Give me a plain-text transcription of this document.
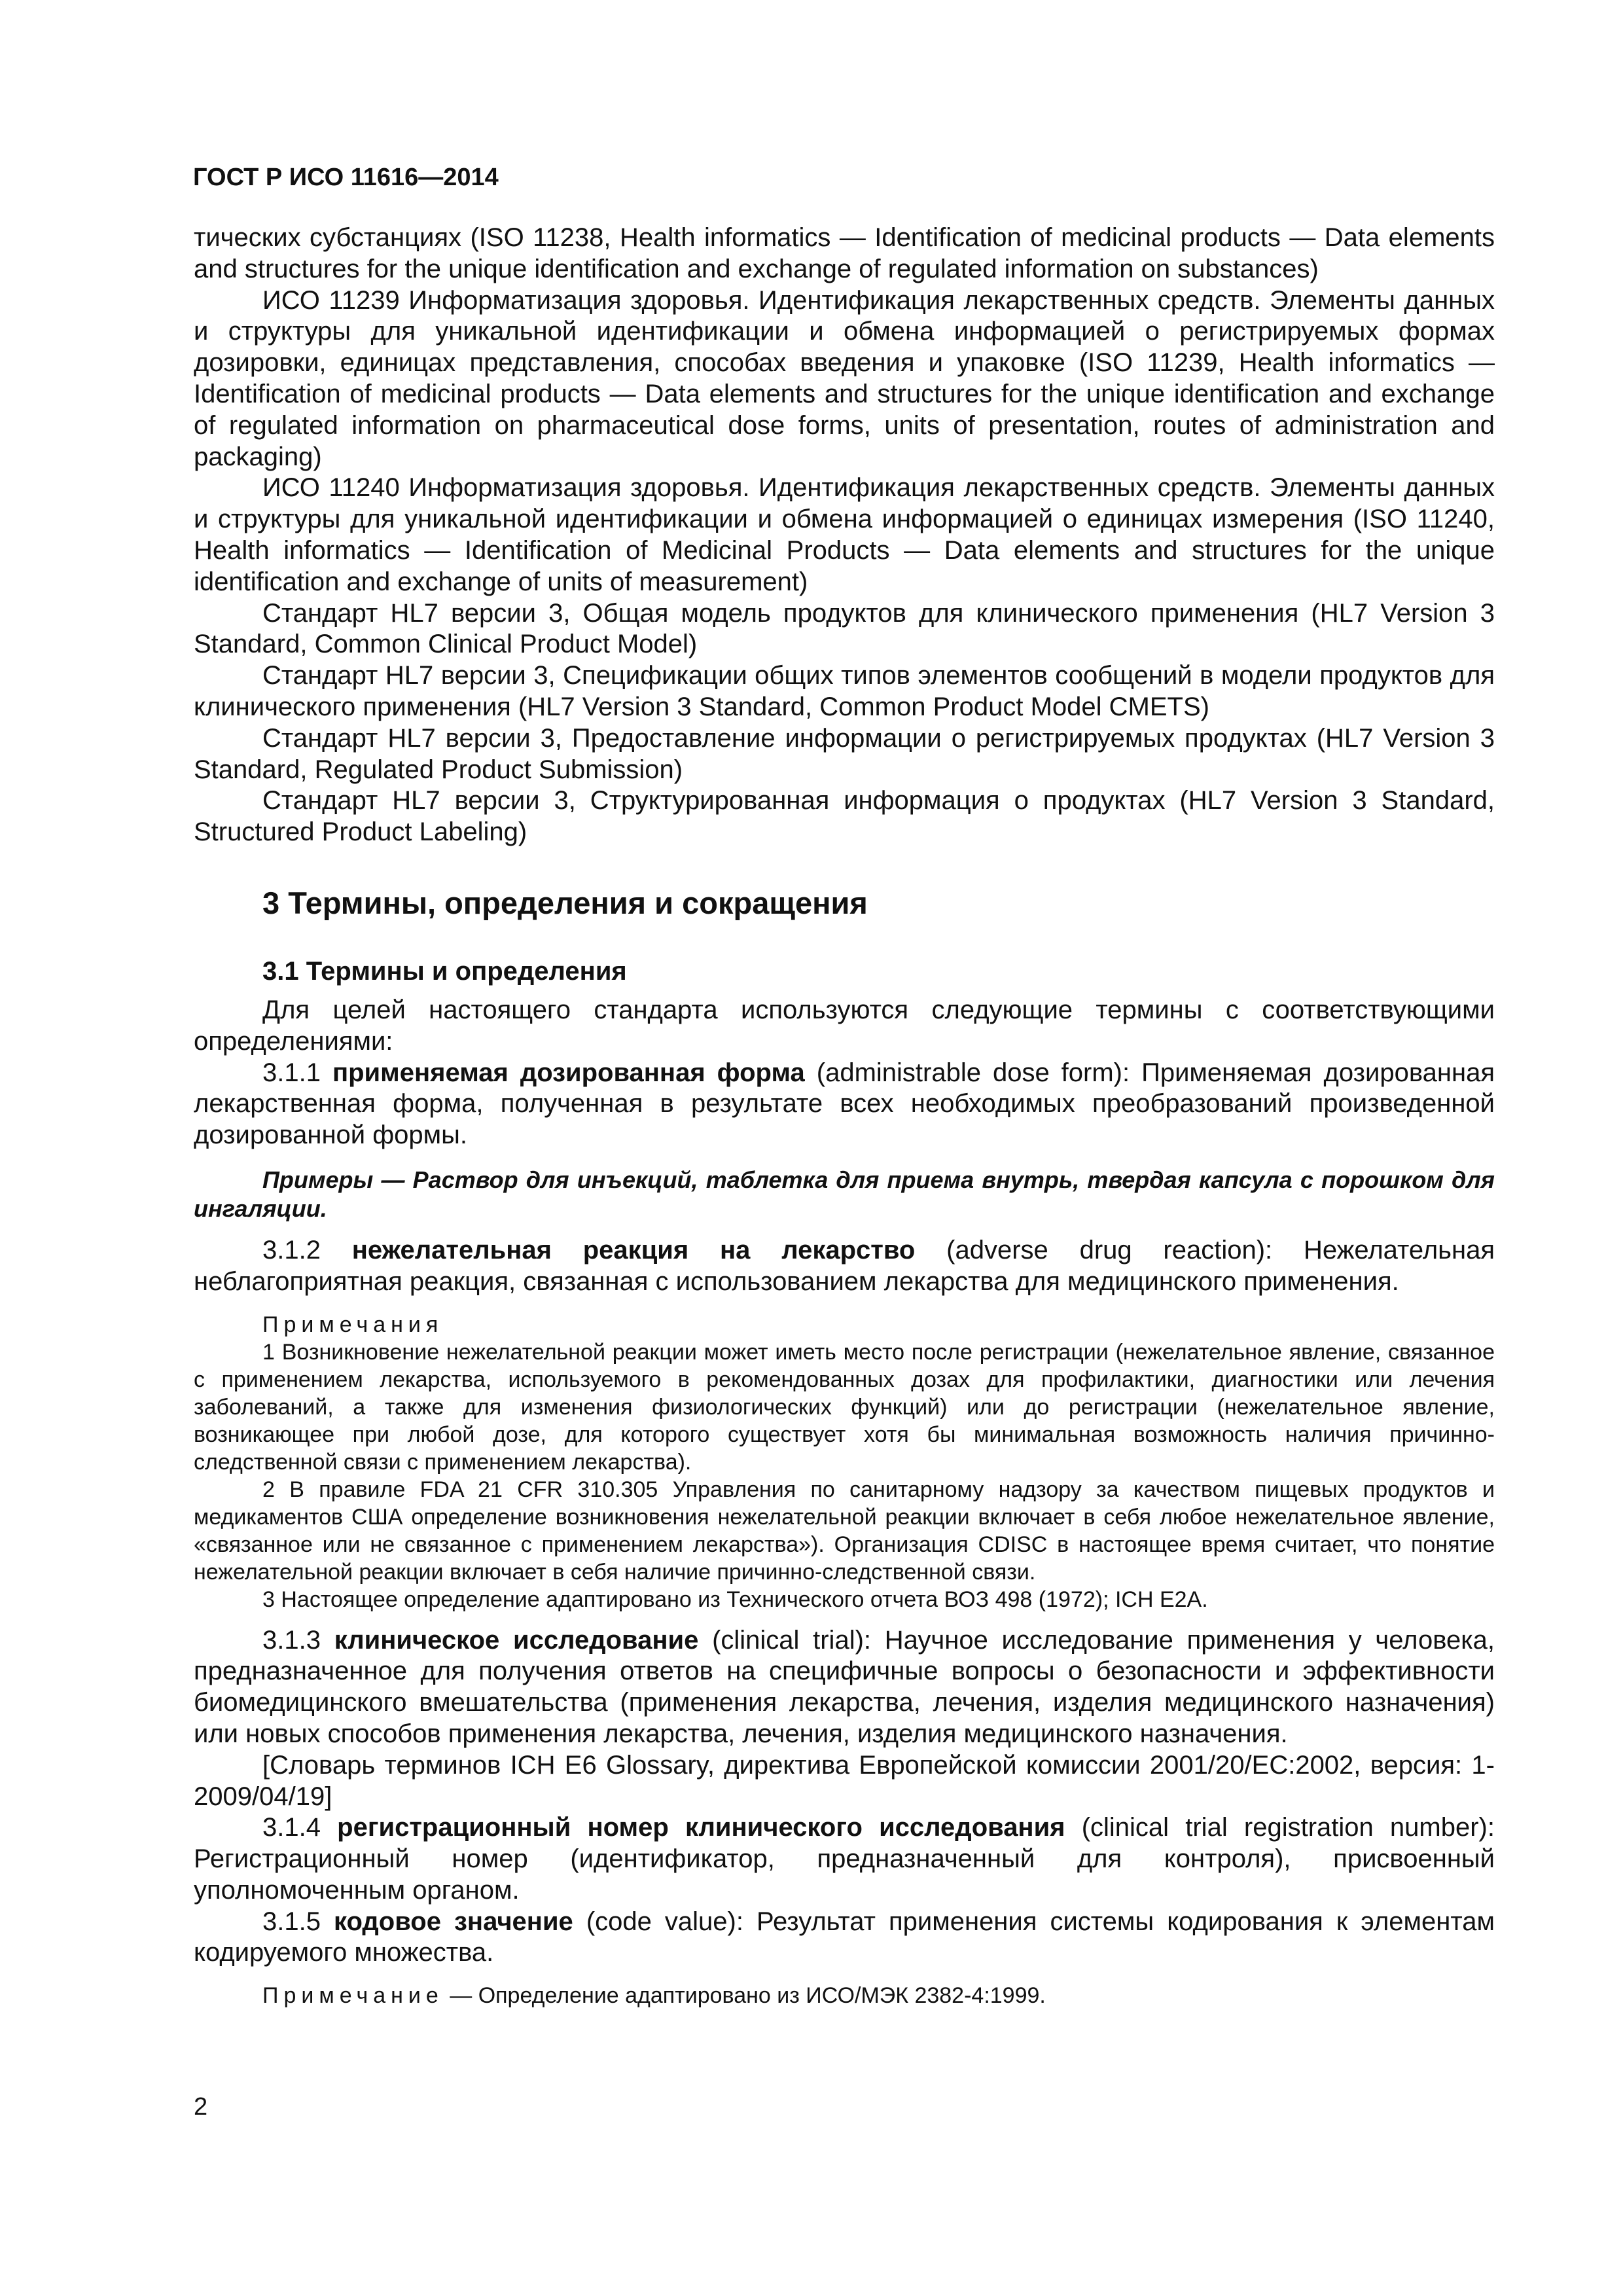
ГОСТ Р ИСО 11616—2014

тических субстанциях (ISO 11238, Health informatics — Identification of medicinal products — Data elements and structures for the unique identification and exchange of regulated information on substances)

ИСО 11239 Информатизация здоровья. Идентификация лекарственных средств. Элементы данных и структуры для уникальной идентификации и обмена информацией о регистрируемых формах дозировки, единицах представления, способах введения и упаковке (ISO 11239, Health informatics — Identification of medicinal products — Data elements and structures for the unique identification and exchange of regulated information on pharmaceutical dose forms, units of presentation, routes of administration and packaging)

ИСО 11240 Информатизация здоровья. Идентификация лекарственных средств. Элементы данных и структуры для уникальной идентификации и обмена информацией о единицах измерения (ISO 11240, Health informatics — Identification of Medicinal Products — Data elements and structures for the unique identification and exchange of units of measurement)

Стандарт HL7 версии 3, Общая модель продуктов для клинического применения (HL7 Version 3 Standard, Common Clinical Product Model)

Стандарт HL7 версии 3, Спецификации общих типов элементов сообщений в модели продуктов для клинического применения (HL7 Version 3 Standard, Common Product Model CMETS)

Стандарт HL7 версии 3, Предоставление информации о регистрируемых продуктах (HL7 Version 3 Standard, Regulated Product Submission)

Стандарт HL7 версии 3, Структурированная информация о продуктах (HL7 Version 3 Standard, Structured Product Labeling)

3 Термины, определения и сокращения
3.1 Термины и определения

Для целей настоящего стандарта используются следующие термины с соответствующими определениями:

3.1.1 применяемая дозированная форма (administrable dose form): Применяемая дозированная лекарственная форма, полученная в результате всех необходимых преобразований произведенной дозированной формы.

Примеры — Раствор для инъекций, таблетка для приема внутрь, твердая капсула с порошком для ингаляции.

3.1.2 нежелательная реакция на лекарство (adverse drug reaction): Нежелательная неблагоприятная реакция, связанная с использованием лекарства для медицинского применения.

Примечания

1 Возникновение нежелательной реакции может иметь место после регистрации (нежелательное явление, связанное с применением лекарства, используемого в рекомендованных дозах для профилактики, диагностики или лечения заболеваний, а также для изменения физиологических функций) или до регистрации (нежелательное явление, возникающее при любой дозе, для которого существует хотя бы минимальная возможность наличия причинно-следственной связи с применением лекарства).

2 В правиле FDA 21 CFR 310.305 Управления по санитарному надзору за качеством пищевых продуктов и медикаментов США определение возникновения нежелательной реакции включает в себя любое нежелательное явление, «связанное или не связанное с применением лекарства»). Организация CDISC в настоящее время считает, что понятие нежелательной реакции включает в себя наличие причинно-следственной связи.

3 Настоящее определение адаптировано из Технического отчета ВОЗ 498 (1972); ICH E2A.

3.1.3 клиническое исследование (clinical trial): Научное исследование применения у человека, предназначенное для получения ответов на специфичные вопросы о безопасности и эффективности биомедицинского вмешательства (применения лекарства, лечения, изделия медицинского назначения) или новых способов применения лекарства, лечения, изделия медицинского назначения.

[Словарь терминов ICH E6 Glossary, директива Европейской комиссии 2001/20/EC:2002, версия: 1-2009/04/19]

3.1.4 регистрационный номер клинического исследования (clinical trial registration number): Регистрационный номер (идентификатор, предназначенный для контроля), присвоенный уполномоченным органом.

3.1.5 кодовое значение (code value): Результат применения системы кодирования к элементам кодируемого множества.

Примечание — Определение адаптировано из ИСО/МЭК 2382-4:1999.
2
